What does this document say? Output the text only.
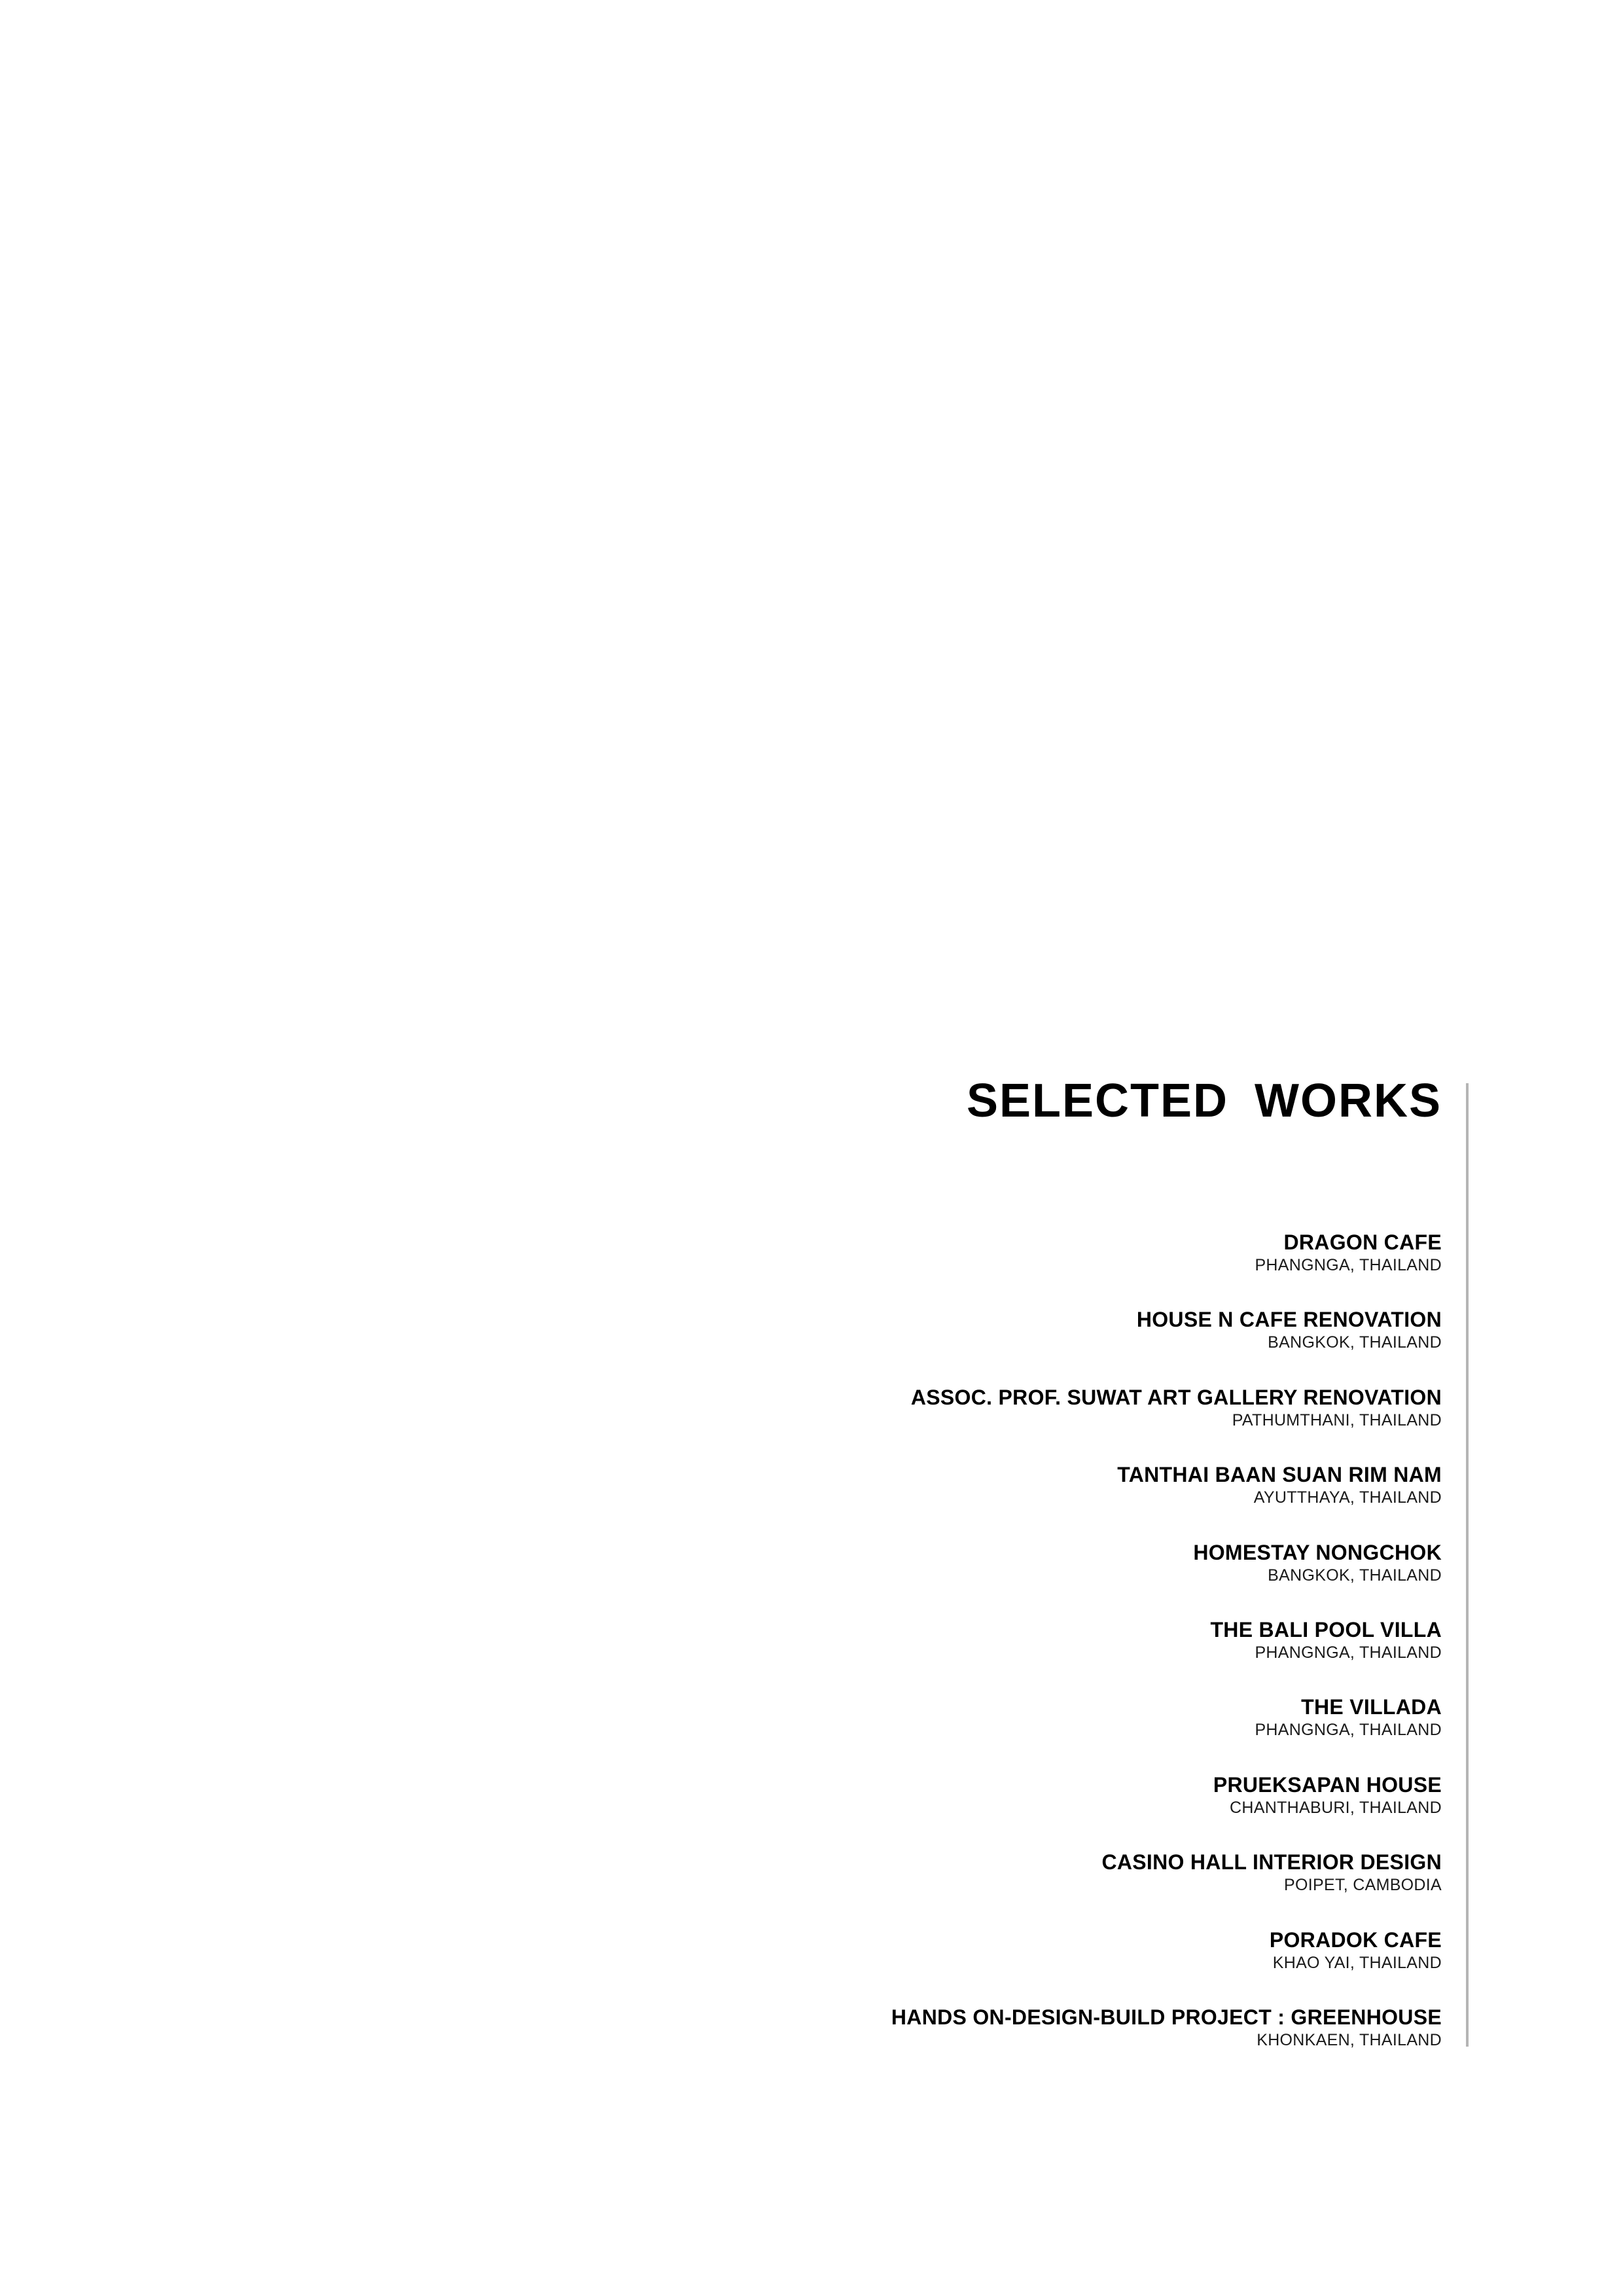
SELECTED WORKS
DRAGON CAFE
PHANGNGA, THAILAND
HOUSE N CAFE RENOVATION
BANGKOK, THAILAND
ASSOC. PROF. SUWAT ART GALLERY RENOVATION
PATHUMTHANI, THAILAND
TANTHAI BAAN SUAN RIM NAM
AYUTTHAYA, THAILAND
HOMESTAY NONGCHOK
BANGKOK, THAILAND
THE BALI POOL VILLA
PHANGNGA, THAILAND
THE VILLADA
PHANGNGA, THAILAND
PRUEKSAPAN HOUSE
CHANTHABURI, THAILAND
CASINO HALL INTERIOR DESIGN
POIPET, CAMBODIA
PORADOK CAFE
KHAO YAI, THAILAND
HANDS ON-DESIGN-BUILD PROJECT : GREENHOUSE
KHONKAEN, THAILAND
